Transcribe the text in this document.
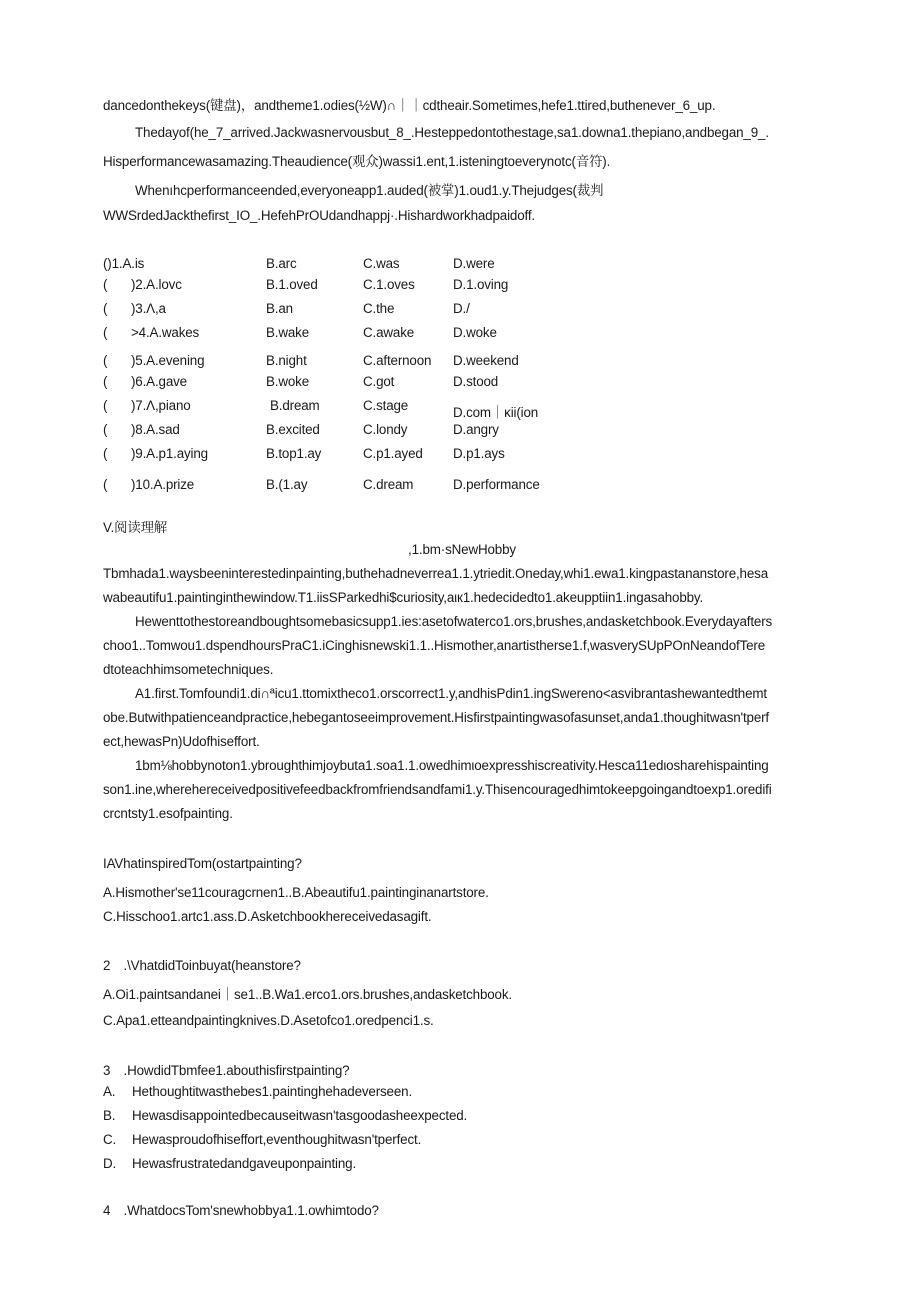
dancedonthekeys(键盘)，andtheme1.odies(½W)∩｜｜cdtheair.Sometimes,hefe1.ttired,buthenever_6_up.
Thedayof(he_7_arrived.Jackwasnervousbut_8_.Hesteppedontothestage,sa1.downa1.thepiano,andbegan_9_.
Hisperformancewasamazing.Theaudience(观众)wassi1.ent,1.isteningtoeverynotc(音符).
Whenıhcperformanceended,everyoneapp1.auded(被掌)1.oud1.y.Thejudges(裁判
WWSrdedJackthefirst_IO_.HefehPrOUdandhappj·.Hishardworkhadpaidoff.
()1.A.is	B.arc	C.was	D.were
( )2.A.lovc	B.1.oved	C.1.oves	D.1.oving
( )3.Λ,a	B.an	C.the	D./
( >4.A.wakes	B.wake	C.awake	D.woke
( )5.A.evening	B.night	C.afternoon D.weekend
( )6.A.gave	B.woke	C.got	D.stood
( )7.Λ,piano	B.dream	C.stage	D.com｜κii(ion
( )8.A.sad	B.excited	C.londy	D.angry
( )9.A.p1.aying	B.top1.ay	C.p1.ayed D.p1.ays
( )10.A.prize	B.(1.ay	C.dream	D.performance
V.阅读理解
,1.bm·sNewHobby
Tbmhada1.waysbeeninterestedinpainting,buthehadneverrea1.1.ytriedit.Oneday,whi1.ewa1.kingpastananstore,hesa
wabeautifu1.paintinginthewindow.T1.iisSParkedhi$curiosity,aιк1.hedecidedto1.akeupptiin1.ingasahobby.
Hewenttothestoreandboughtsomebasicsupp1.ies:asetofwaterco1.ors,brushes,andasketchbook.Everydayafters
choo1..Tomwou1.dspendhoursPraC1.iCinghisnewski1.1..Hismother,anartistherse1.f,wasverySUpPOnNeandofTere
dtoteachhimsometechniques.
A1.first.Tomfoundi1.di∩ªicu1.ttomixtheco1.orscorrect1.y,andhisPdin1.ingSwereno<asvibrantashewantedthemt
obe.Butwithpatienceandpractice,hebegantoseeimprovement.Hisfirstpaintingwasofasunset,anda1.thoughitwasn'tperf
ect,hewasPn)Udofhiseffort.
1bm⅛hobbynoton1.ybroughthimjoybuta1.soa1.1.owedhimιoexpresshiscreativity.Hesca11edιosharehispainting
son1.ine,wherehereceivedpositivefeedbackfromfriendsandfami1.y.Thisencouragedhimtokeepgoingandtoexp1.oredifi
crcntsty1.esofpainting.
IAVhatinspiredTom(ostartpainting?
A.Hismother'se11couragcrnen1..B.Abeautifu1.paintinginanartstore.
C.Hisschoo1.artc1.ass.D.Asketchbookhereceivedasagift.
2　.\VhatdidToinbuyat(heanstore?
A.Oi1.paintsandanei｜se1..B.Wa1.erco1.ors.brushes,andasketchbook.
C.Apa1.etteandpaintingknives.D.Asetofco1.oredpenci1.s.
3　.HowdidTbmfee1.abouthisfirstpainting?
A. Hethoughtitwasthebes1.paintinghehadeverseen.
B. Hewasdisappointedbecauseitwasn'tasgoodasheexpected.
C. Hewasproudofhiseffort,eventhoughitwasn'tperfect.
D. Hewasfrustratedandgaveuponpainting.
4　.WhatdocsTom'snewhobbya1.1.owhimtodo?
